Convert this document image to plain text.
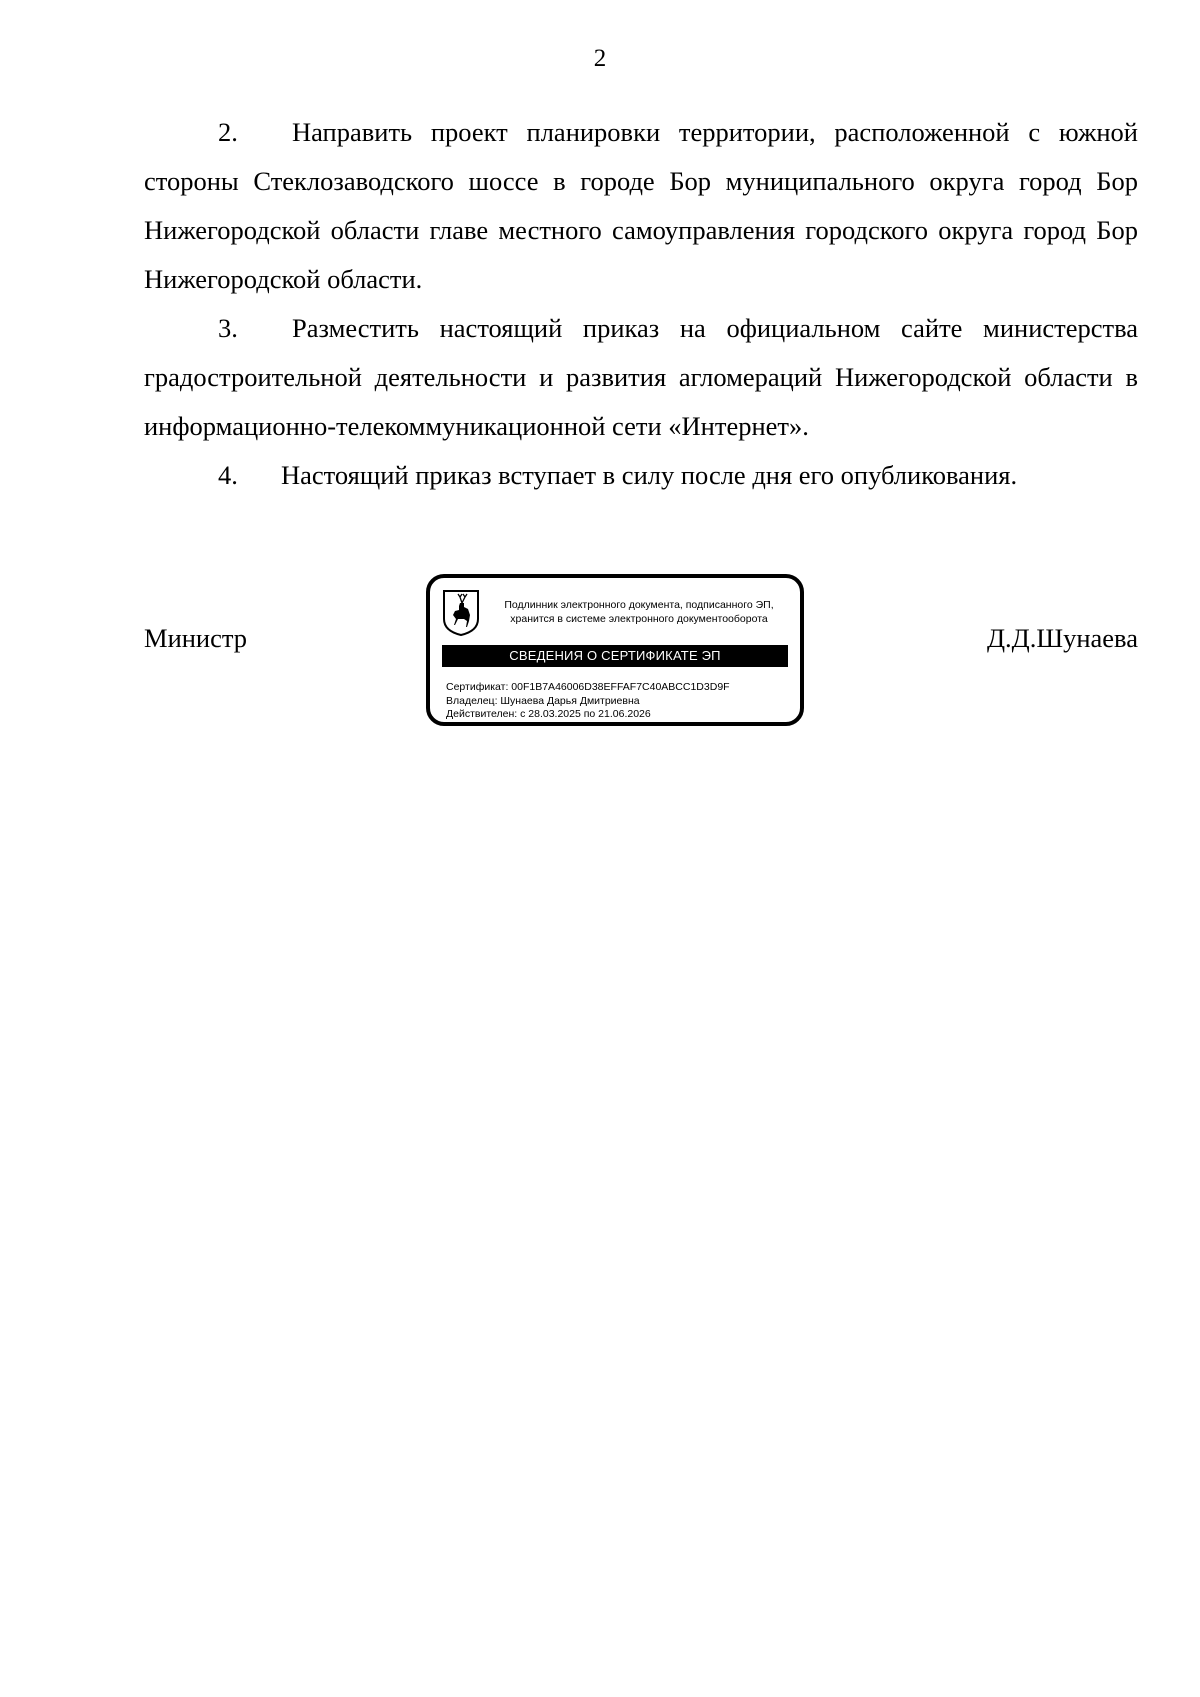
2

2. Направить проект планировки территории, расположенной с южной стороны Стеклозаводского шоссе в городе Бор муниципального округа город Бор Нижегородской области главе местного самоуправления городского округа город Бор Нижегородской области.

3. Разместить настоящий приказ на официальном сайте министерства градостроительной деятельности и развития агломераций Нижегородской области в информационно-телекоммуникационной сети «Интернет».

4. Настоящий приказ вступает в силу после дня его опубликования.

Министр
Подлинник электронного документа, подписанного ЭП,
хранится в системе электронного документооборота
СВЕДЕНИЯ О СЕРТИФИКАТЕ ЭП
Сертификат: 00F1B7A46006D38EFFAF7C40ABCC1D3D9F
Владелец: Шунаева Дарья Дмитриевна
Действителен: с 28.03.2025 по 21.06.2026
Д.Д.Шунаева
